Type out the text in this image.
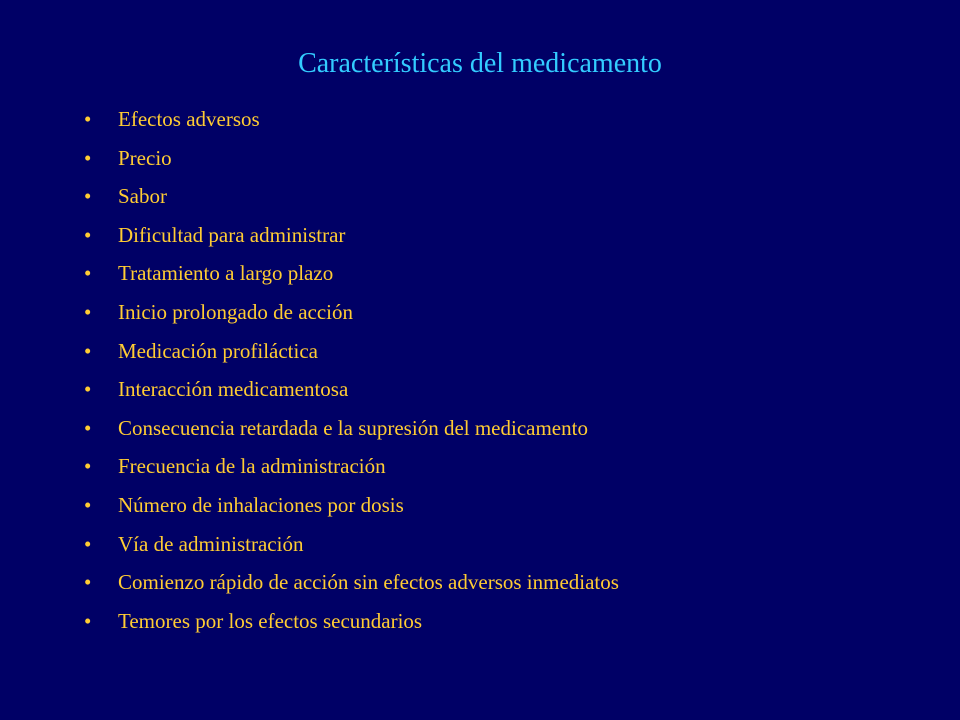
Características del medicamento
• Efectos adversos
• Precio
• Sabor
• Dificultad para administrar
• Tratamiento a largo plazo
• Inicio prolongado de acción
• Medicación profiláctica
• Interacción medicamentosa
• Consecuencia retardada e la supresión del medicamento
• Frecuencia de la administración
• Número de inhalaciones por dosis
• Vía de administración
• Comienzo rápido de acción sin efectos adversos inmediatos
• Temores por los efectos secundarios
